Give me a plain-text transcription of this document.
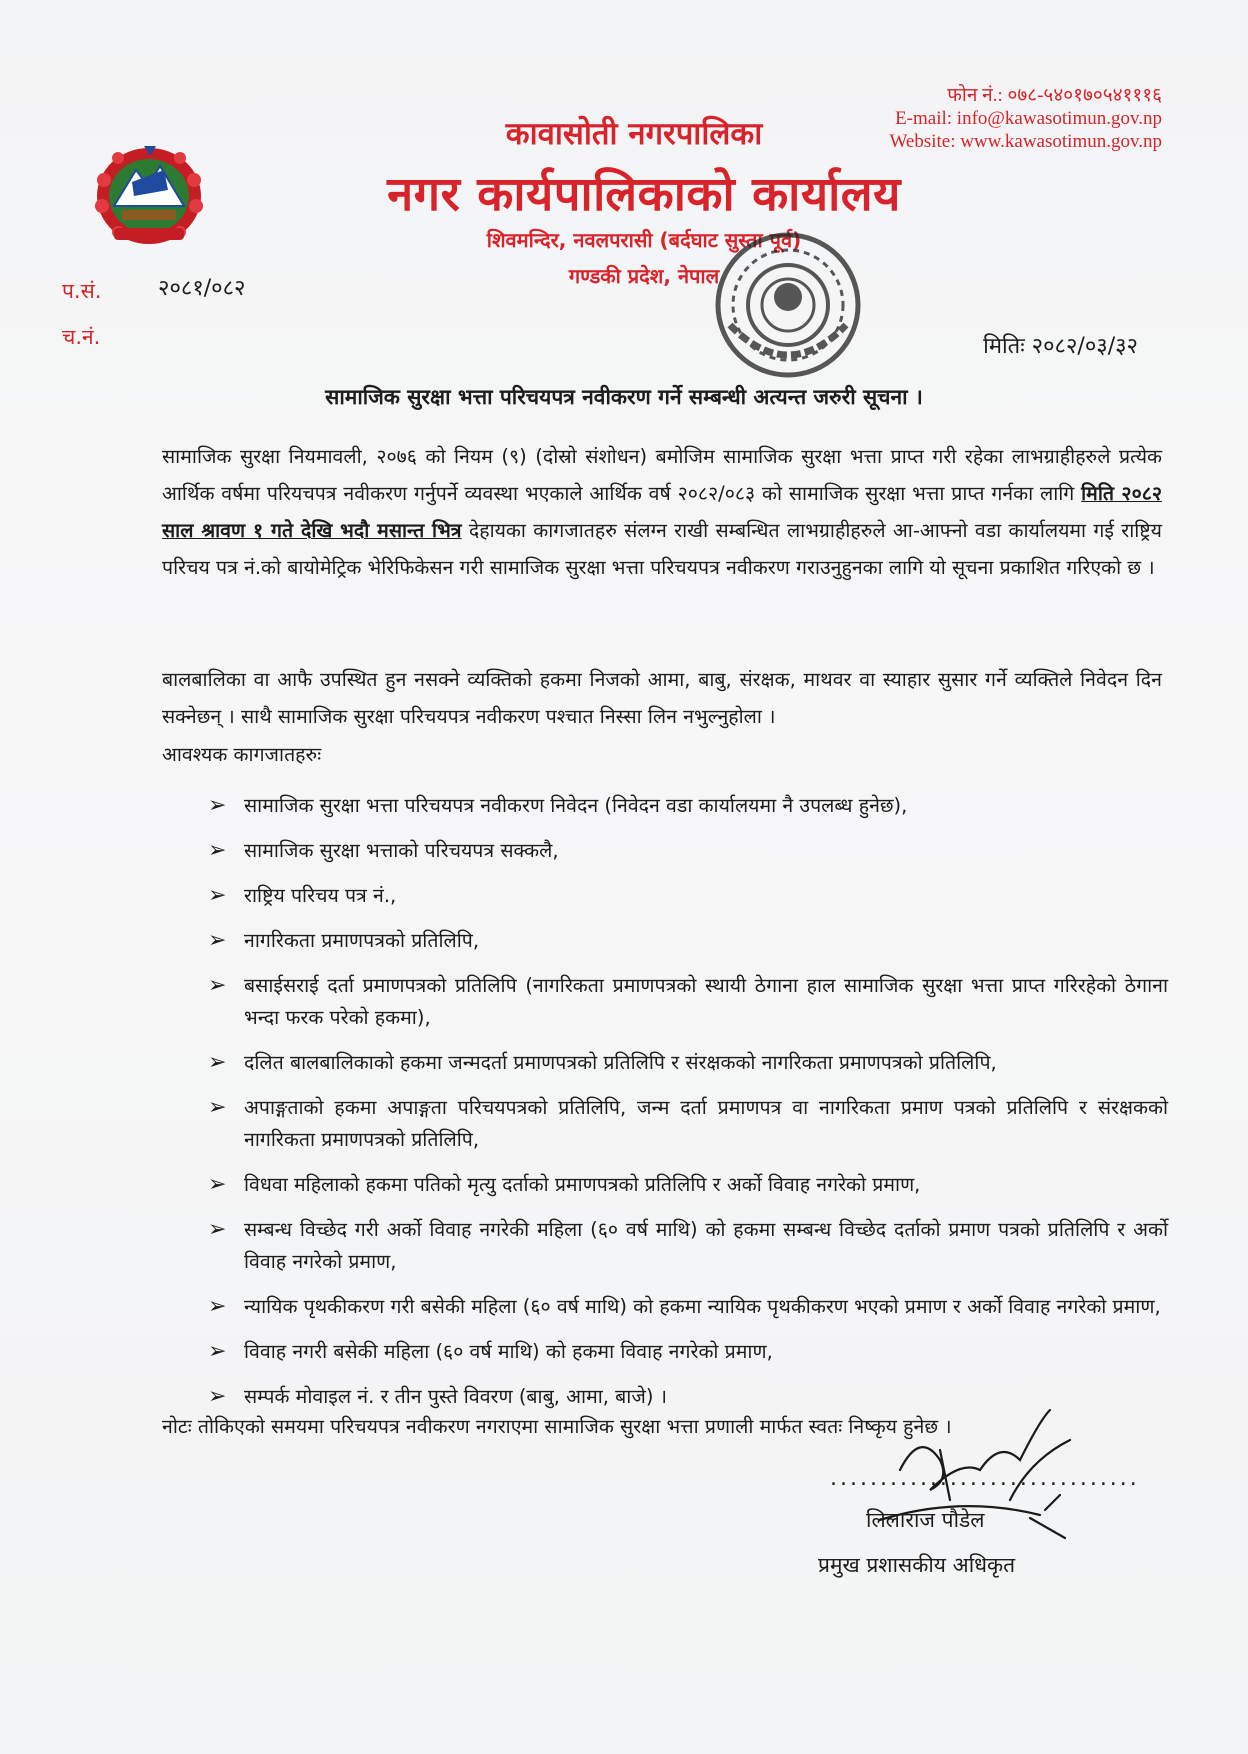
फोन नं.: ०७८-५४०१७०५४१११६
E-mail: info@kawasotimun.gov.np
Website: www.kawasotimun.gov.np
कावासोती नगरपालिका
नगर कार्यपालिकाको कार्यालय
शिवमन्दिर, नवलपरासी (बर्दघाट सुस्ता पूर्व)
गण्डकी प्रदेश, नेपाल
प.सं.	२०८१/०८२
च.नं.	मितिः २०८२/०३/३२
सामाजिक सुरक्षा भत्ता परिचयपत्र नवीकरण गर्ने सम्बन्धी अत्यन्त जरुरी सूचना ।

सामाजिक सुरक्षा नियमावली, २०७६ को नियम (९) (दोस्रो संशोधन) बमोजिम सामाजिक सुरक्षा भत्ता प्राप्त गरी रहेका लाभग्राहीहरुले प्रत्येक आर्थिक वर्षमा परियचपत्र नवीकरण गर्नुपर्ने व्यवस्था भएकाले आर्थिक वर्ष २०८२/०८३ को सामाजिक सुरक्षा भत्ता प्राप्त गर्नका लागि मिति २०८२ साल श्रावण १ गते देखि भदौ मसान्त भित्र देहायका कागजातहरु संलग्न राखी सम्बन्धित लाभग्राहीहरुले आ-आफ्नो वडा कार्यालयमा गई राष्ट्रिय परिचय पत्र नं.को बायोमेट्रिक भेरिफिकेसन गरी सामाजिक सुरक्षा भत्ता परिचयपत्र नवीकरण गराउनुहुनका लागि यो सूचना प्रकाशित गरिएको छ ।

बालबालिका वा आफै उपस्थित हुन नसक्ने व्यक्तिको हकमा निजको आमा, बाबु, संरक्षक, माथवर वा स्याहार सुसार गर्ने व्यक्तिले निवेदन दिन सक्नेछन् । साथै सामाजिक सुरक्षा परिचयपत्र नवीकरण पश्चात निस्सा लिन नभुल्नुहोला ।

आवश्यक कागजातहरुः
➢ सामाजिक सुरक्षा भत्ता परिचयपत्र नवीकरण निवेदन (निवेदन वडा कार्यालयमा नै उपलब्ध हुनेछ),
➢ सामाजिक सुरक्षा भत्ताको परिचयपत्र सक्कलै,
➢ राष्ट्रिय परिचय पत्र नं.,
➢ नागरिकता प्रमाणपत्रको प्रतिलिपि,
➢ बसाईसराई दर्ता प्रमाणपत्रको प्रतिलिपि (नागरिकता प्रमाणपत्रको स्थायी ठेगाना हाल सामाजिक सुरक्षा भत्ता प्राप्त गरिरहेको ठेगाना भन्दा फरक परेको हकमा),
➢ दलित बालबालिकाको हकमा जन्मदर्ता प्रमाणपत्रको प्रतिलिपि र संरक्षकको नागरिकता प्रमाणपत्रको प्रतिलिपि,
➢ अपाङ्गताको हकमा अपाङ्गता परिचयपत्रको प्रतिलिपि, जन्म दर्ता प्रमाणपत्र वा नागरिकता प्रमाण पत्रको प्रतिलिपि र संरक्षकको नागरिकता प्रमाणपत्रको प्रतिलिपि,
➢ विधवा महिलाको हकमा पतिको मृत्यु दर्ताको प्रमाणपत्रको प्रतिलिपि र अर्को विवाह नगरेको प्रमाण,
➢ सम्बन्ध विच्छेद गरी अर्को विवाह नगरेकी महिला (६० वर्ष माथि) को हकमा सम्बन्ध विच्छेद दर्ताको प्रमाण पत्रको प्रतिलिपि र अर्को विवाह नगरेको प्रमाण,
➢ न्यायिक पृथकीकरण गरी बसेकी महिला (६० वर्ष माथि) को हकमा न्यायिक पृथकीकरण भएको प्रमाण र अर्को विवाह नगरेको प्रमाण,
➢ विवाह नगरी बसेकी महिला (६० वर्ष माथि) को हकमा विवाह नगरेको प्रमाण,
➢ सम्पर्क मोवाइल नं. र तीन पुस्ते विवरण (बाबु, आमा, बाजे) ।
नोटः तोकिएको समयमा परिचयपत्र नवीकरण नगराएमा सामाजिक सुरक्षा भत्ता प्रणाली मार्फत स्वतः निष्कृय हुनेछ ।
...............................
लिलाराज पौडेल
प्रमुख प्रशासकीय अधिकृत
